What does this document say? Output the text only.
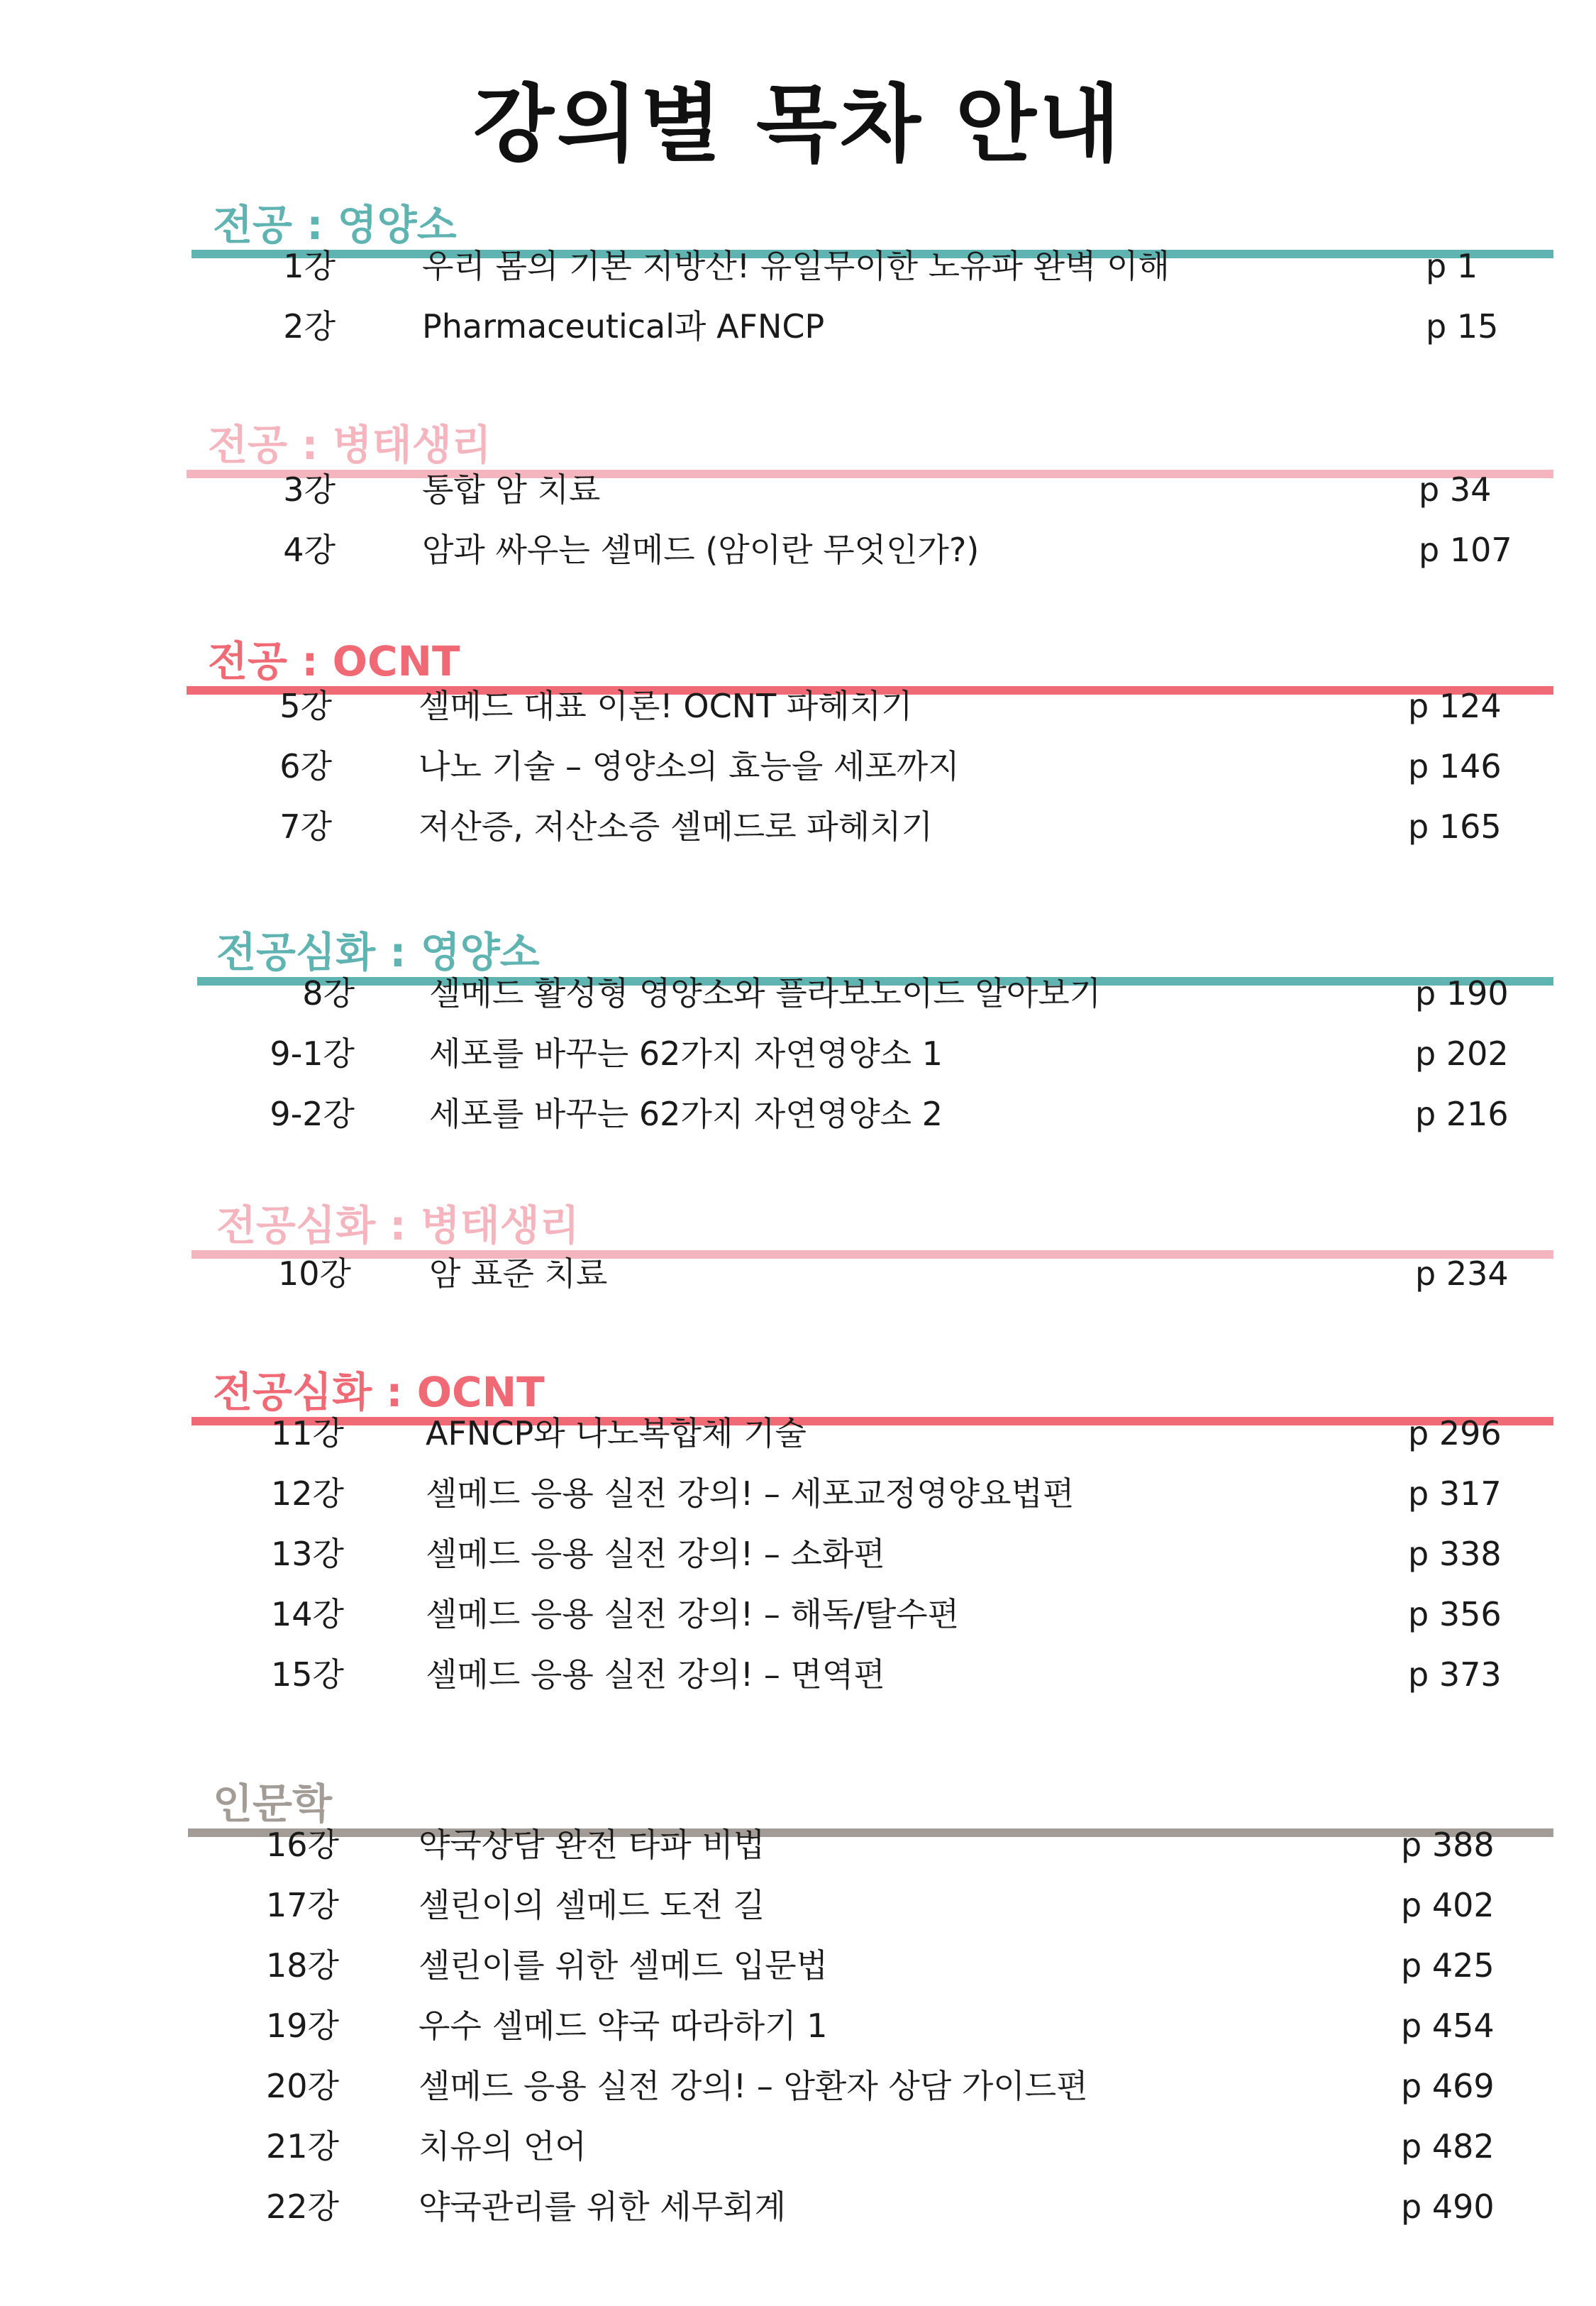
강의별 목차 안내
전공 : 영양소
1강	우리 몸의 기본 지방산! 유일무이한 노유파 완벽 이해	p 1
2강	Pharmaceutical과 AFNCP	p 15
전공 : 병태생리
3강	통합 암 치료	p 34
4강	암과 싸우는 셀메드 (암이란 무엇인가?)	p 107
전공 : OCNT
5강	셀메드 대표 이론! OCNT 파헤치기	p 124
6강	나노 기술 – 영양소의 효능을 세포까지	p 146
7강	저산증, 저산소증 셀메드로 파헤치기	p 165
전공심화 : 영양소
8강 셀메드 활성형 영양소와 플라보노이드 알아보기	p 190
9-1강 세포를 바꾸는 62가지 자연영양소 1	p 202
9-2강 세포를 바꾸는 62가지 자연영양소 2	p 216
전공심화 : 병태생리
10강 암 표준 치료	p 234
전공심화 : OCNT
11강	AFNCP와 나노복합체 기술	p 296
12강	셀메드 응용 실전 강의! – 세포교정영양요법편	p 317
13강	셀메드 응용 실전 강의! – 소화편	p 338
14강	셀메드 응용 실전 강의! – 해독/탈수편	p 356
15강	셀메드 응용 실전 강의! – 면역편	p 373
인문학
16강 약국상담 완전 타파 비법	p 388
17강 셀린이의 셀메드 도전 길	p 402
18강 셀린이를 위한 셀메드 입문법	p 425
19강 우수 셀메드 약국 따라하기 1	p 454
20강 셀메드 응용 실전 강의! – 암환자 상담 가이드편	p 469
21강 치유의 언어	p 482
22강 약국관리를 위한 세무회계	p 490
